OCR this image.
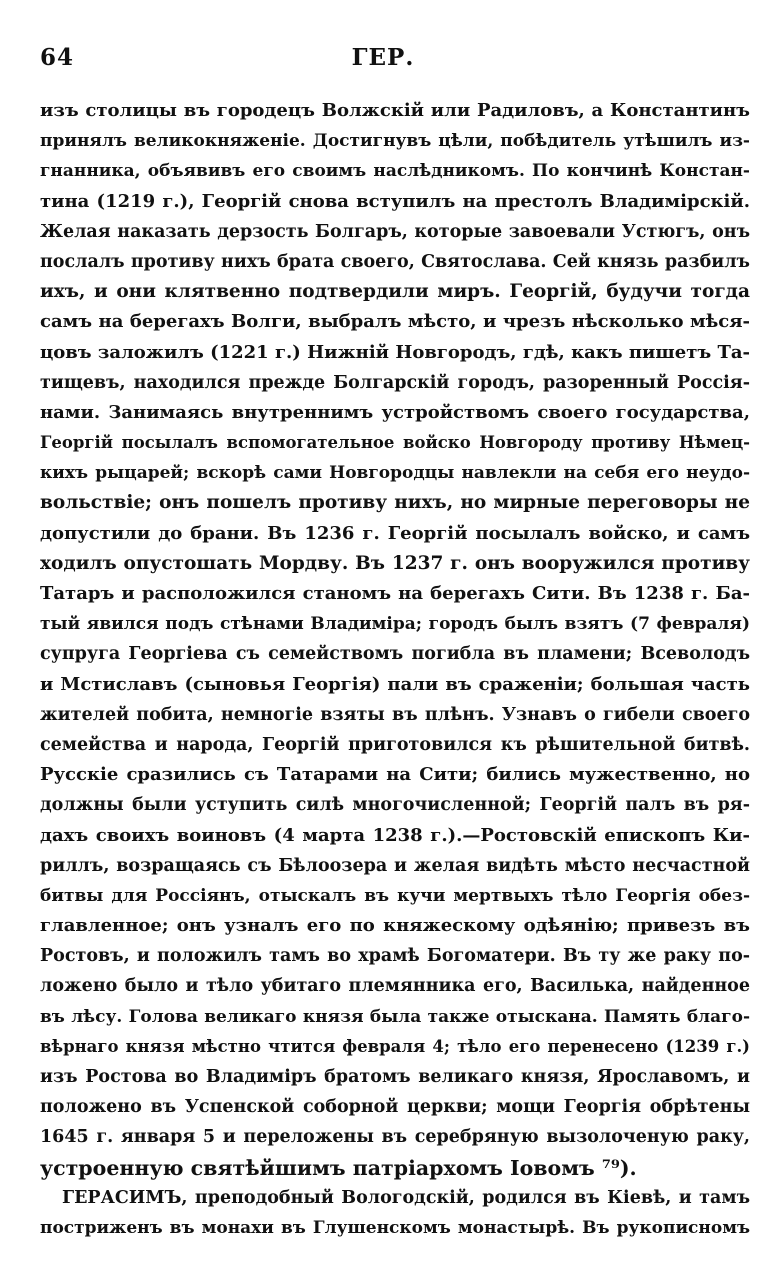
64	ГЕР.
изъ столицы въ городецъ Волжскій или Радиловъ, а Константинъ
принялъ великокняженіе. Достигнувъ цѣли, побѣдитель утѣшилъ из-
гнанника, объявивъ его своимъ наслѣдникомъ. По кончинѣ Констан-
тина (1219 г.), Георгій снова вступилъ на престолъ Владимірскій.
Желая наказать дерзость Болгаръ, которые завоевали Устюгъ, онъ
послалъ противу нихъ брата своего, Святослава. Сей князь разбилъ
ихъ, и они клятвенно подтвердили миръ. Георгій, будучи тогда
самъ на берегахъ Волги, выбралъ мѣсто, и чрезъ нѣсколько мѣся-
цовъ заложилъ (1221 г.) Нижній Новгородъ, гдѣ, какъ пишетъ Та-
тищевъ, находился прежде Болгарскій городъ, разоренный Россія-
нами. Занимаясь внутреннимъ устройствомъ своего государства,
Георгій посылалъ вспомогательное войско Новгороду противу Нѣмец-
кихъ рыцарей; вскорѣ сами Новгородцы навлекли на себя его неудо-
вольствіе; онъ пошелъ противу нихъ, но мирные переговоры не
допустили до брани. Въ 1236 г. Георгій посылалъ войско, и самъ
ходилъ опустошать Мордву. Въ 1237 г. онъ вооружился противу
Татаръ и расположился станомъ на берегахъ Сити. Въ 1238 г. Ба-
тый явился подъ стѣнами Владиміра; городъ былъ взятъ (7 февраля)
супруга Георгіева съ семействомъ погибла въ пламени; Всеволодъ
и Мстиславъ (сыновья Георгія) пали въ сраженіи; большая часть
жителей побита, немногіе взяты въ плѣнъ. Узнавъ о гибели своего
семейства и народа, Георгій приготовился къ рѣшительной битвѣ.
Русскіе сразились съ Татарами на Сити; бились мужественно, но
должны были уступить силѣ многочисленной; Георгій палъ въ ря-
дахъ своихъ воиновъ (4 марта 1238 г.).—Ростовскій епископъ Ки-
риллъ, возращаясь съ Бѣлоозера и желая видѣть мѣсто несчастной
битвы для Россіянъ, отыскалъ въ кучи мертвыхъ тѣло Георгія обез-
главленное; онъ узналъ его по княжескому одѣянію; привезъ въ
Ростовъ, и положилъ тамъ во храмѣ Богоматери. Въ ту же раку по-
ложено было и тѣло убитаго племянника его, Василька, найденное
въ лѣсу. Голова великаго князя была также отыскана. Память благо-
вѣрнаго князя мѣстно чтится февраля 4; тѣло его перенесено (1239 г.)
изъ Ростова во Владиміръ братомъ великаго князя, Ярославомъ, и
положено въ Успенской соборной церкви; мощи Георгія обрѣтены
1645 г. января 5 и переложены въ серебряную вызолоченую раку,
устроенную святѣйшимъ патріархомъ Іовомъ ⁷⁹).
ГЕРАСИМЪ, преподобный Вологодскій, родился въ Кіевѣ, и тамъ
постриженъ въ монахи въ Глушенскомъ монастырѣ. Въ рукописномъ
